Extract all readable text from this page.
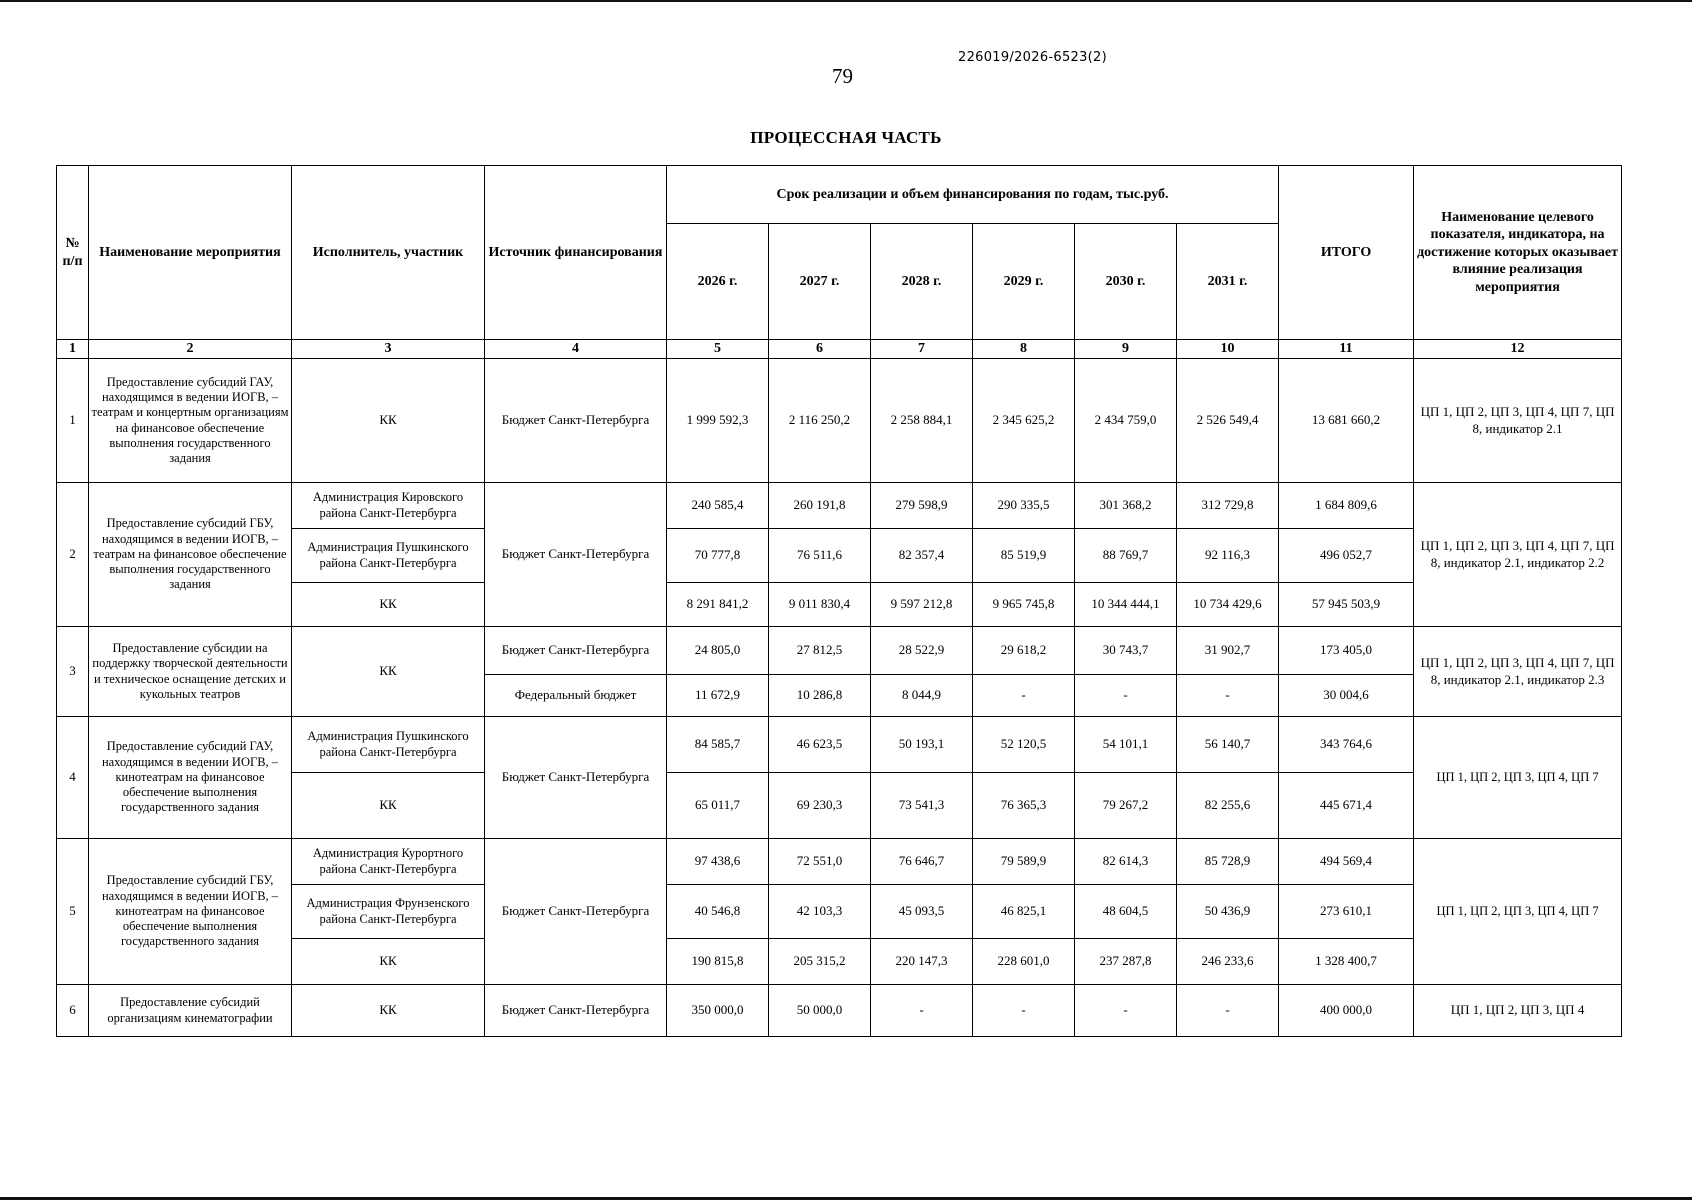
226019/2026-6523(2)
79
ПРОЦЕССНАЯ ЧАСТЬ
№ п/п	Наименование мероприятия	Исполнитель, участник	Источник финансирования	Срок реализации и объем финансирования по годам, тыс.руб.						ИТОГО	Наименование целевого показателя, индикатора, на достижение которых оказывает влияние реализация мероприятия
				2026 г.	2027 г.	2028 г.	2029 г.	2030 г.	2031 г.		
1	2	3	4	5	6	7	8	9	10	11	12
1	Предоставление субсидий ГАУ, находящимся в ведении ИОГВ, – театрам и концертным организациям на финансовое обеспечение выполнения государственного задания	КК	Бюджет Санкт-Петербурга	1 999 592,3	2 116 250,2	2 258 884,1	2 345 625,2	2 434 759,0	2 526 549,4	13 681 660,2	ЦП 1, ЦП 2, ЦП 3, ЦП 4, ЦП 7, ЦП 8, индикатор 2.1
2	Предоставление субсидий ГБУ, находящимся в ведении ИОГВ, – театрам на финансовое обеспечение выполнения государственного задания	Администрация Кировского района Санкт-Петербурга	Бюджет Санкт-Петербурга	240 585,4	260 191,8	279 598,9	290 335,5	301 368,2	312 729,8	1 684 809,6	ЦП 1, ЦП 2, ЦП 3, ЦП 4, ЦП 7, ЦП 8, индикатор 2.1, индикатор 2.2
		Администрация Пушкинского района Санкт-Петербурга		70 777,8	76 511,6	82 357,4	85 519,9	88 769,7	92 116,3	496 052,7	
		КК		8 291 841,2	9 011 830,4	9 597 212,8	9 965 745,8	10 344 444,1	10 734 429,6	57 945 503,9	
3	Предоставление субсидии на поддержку творческой деятельности и техническое оснащение детских и кукольных театров	КК	Бюджет Санкт-Петербурга	24 805,0	27 812,5	28 522,9	29 618,2	30 743,7	31 902,7	173 405,0	ЦП 1, ЦП 2, ЦП 3, ЦП 4, ЦП 7, ЦП 8, индикатор 2.1, индикатор 2.3
			Федеральный бюджет	11 672,9	10 286,8	8 044,9	-	-	-	30 004,6	
4	Предоставление субсидий ГАУ, находящимся в ведении ИОГВ, – кинотеатрам на финансовое обеспечение выполнения государственного задания	Администрация Пушкинского района Санкт-Петербурга	Бюджет Санкт-Петербурга	84 585,7	46 623,5	50 193,1	52 120,5	54 101,1	56 140,7	343 764,6	ЦП 1, ЦП 2, ЦП 3, ЦП 4, ЦП 7
		КК		65 011,7	69 230,3	73 541,3	76 365,3	79 267,2	82 255,6	445 671,4	
5	Предоставление субсидий ГБУ, находящимся в ведении ИОГВ, – кинотеатрам на финансовое обеспечение выполнения государственного задания	Администрация Курортного района Санкт-Петербурга	Бюджет Санкт-Петербурга	97 438,6	72 551,0	76 646,7	79 589,9	82 614,3	85 728,9	494 569,4	ЦП 1, ЦП 2, ЦП 3, ЦП 4, ЦП 7
		Администрация Фрунзенского района Санкт-Петербурга		40 546,8	42 103,3	45 093,5	46 825,1	48 604,5	50 436,9	273 610,1	
		КК		190 815,8	205 315,2	220 147,3	228 601,0	237 287,8	246 233,6	1 328 400,7	
6	Предоставление субсидий организациям кинематографии	КК	Бюджет Санкт-Петербурга	350 000,0	50 000,0	-	-	-	-	400 000,0	ЦП 1, ЦП 2, ЦП 3, ЦП 4
